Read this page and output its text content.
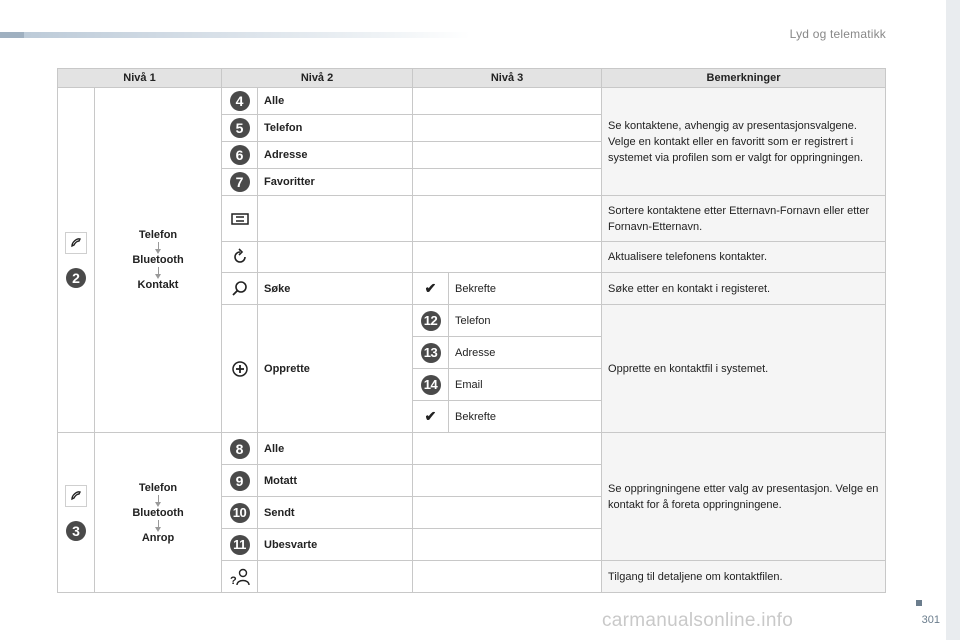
Lyd og telematikk
301
carmanualsonline.info
Nivå 1		Nivå 2		Nivå 3		Bemerkninger

2	Telefon
Bluetooth
Kontakt	4	Alle			Se kontaktene, avhengig av presentasjonsvalgene. Velge en kontakt eller en favoritt som er registrert i systemet via profilen som er valgt for oppringningen.
		5	Telefon			
		6	Adresse			
		7	Favoritter			

			Sortere kontaktene etter Etternavn-Fornavn eller etter Fornavn-Etternavn.

			Aktualisere telefonens kontakter.

	Søke	✔	Bekrefte	Søke etter en kontakt i registeret.

	Opprette	12	Telefon	Opprette en kontaktfil i systemet.
				13	Adresse	
				14	Email	
				✔	Bekrefte	

3	Telefon
Bluetooth
Anrop	8	Alle			Se oppringningene etter valg av presentasjon. Velge en kontakt for å foreta oppringningene.
		9	Motatt			
		10	Sendt			
		11	Ubesvarte			

?				Tilgang til detaljene om kontaktfilen.
